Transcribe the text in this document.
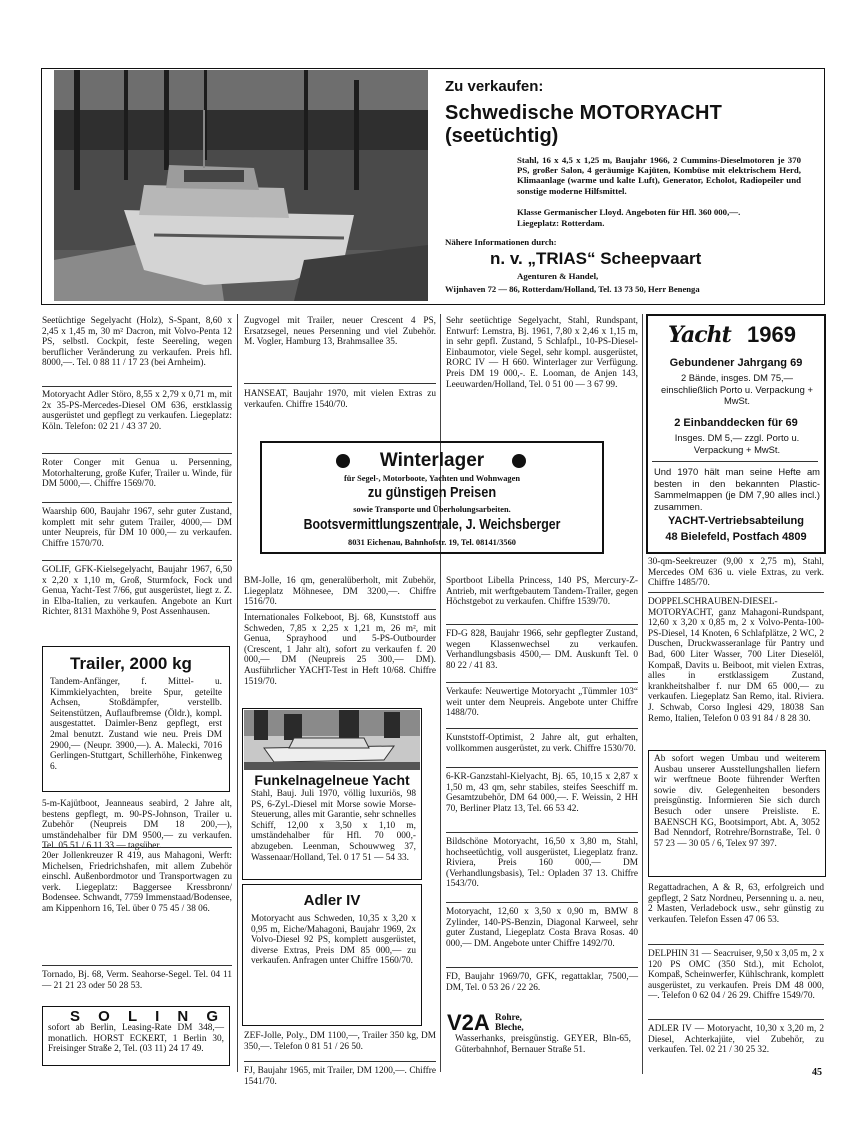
Zu verkaufen:
Schwedische MOTORYACHT
(seetüchtig)

Stahl, 16 x 4,5 x 1,25 m, Baujahr 1966, 2 Cummins-Dieselmotoren je 370 PS, großer Salon, 4 geräumige Kajüten, Kombüse mit elektrischem Herd, Klimaanlage (warme und kalte Luft), Generator, Echolot, Radiopeiler und sonstige moderne Hilfsmittel.

Klasse Germanischer Lloyd. Angeboten für Hfl. 360 000,—.

Liegeplatz: Rotterdam.

Nähere Informationen durch:
n. v. „TRIAS“ Scheepvaart
Agenturen & Handel,
Wijnhaven 72 — 86, Rotterdam/Holland, Tel. 13 73 50, Herr Benenga

Seetüchtige Segelyacht (Holz), S-Spant, 8,60 x 2,45 x 1,45 m, 30 m² Dacron, mit Volvo-Penta 12 PS, selbstl. Cockpit, feste Seereling, wegen beruflicher Veränderung zu verkaufen. Preis hfl. 8000,—. Tel. 0 88 11 / 17 23 (bei Arnheim).

Motoryacht Adler Störo, 8,55 x 2,79 x 0,71 m, mit 2x 35-PS-Mercedes-Diesel OM 636, erstklassig ausgerüstet und gepflegt zu verkaufen. Liegeplatz: Köln. Telefon: 02 21 / 43 37 20.

Roter Conger mit Genua u. Persenning, Motorhalterung, große Kufer, Trailer u. Winde, für DM 5000,—. Chiffre 1569/70.

Waarship 600, Baujahr 1967, sehr guter Zustand, komplett mit sehr gutem Trailer, 4000,— DM unter Neupreis, für DM 10 000,— zu verkaufen. Chiffre 1570/70.

GOLIF, GFK-Kielsegelyacht, Baujahr 1967, 6,50 x 2,20 x 1,10 m, Groß, Sturmfock, Fock und Genua, Yacht-Test 7/66, gut ausgerüstet, liegt z. Z. in Elba-Italien, zu verkaufen. Angebote an Kurt Richter, 8131 Maxhöhe 9, Post Assenhausen.

Trailer, 2000 kg

Tandem-Anfänger, f. Mittel- u. Kimmkielyachten, breite Spur, geteilte Achsen, Stoßdämpfer, verstellb. Seitenstützen, Auflaufbremse (Öldr.), kompl. ausgestattet. Daimler-Benz gepflegt, erst 2mal benutzt. Zustand wie neu. Preis DM 2900,— (Neupr. 3900,—). A. Malecki, 7016 Gerlingen-Stuttgart, Schillerhöhe, Finkenweg 6.

5-m-Kajütboot, Jeanneaus seabird, 2 Jahre alt, bestens gepflegt, m. 90-PS-Johnson, Trailer u. Zubehör (Neupreis DM 18 200,—), umständehalber für DM 9500,— zu verkaufen. Tel. 05 51 / 6 11 33 — tagsüber.

20er Jollenkreuzer R 419, aus Mahagoni, Werft: Michelsen, Friedrichshafen, mit allem Zubehör einschl. Außenbordmotor und Transportwagen zu verk. Liegeplatz: Baggersee Kressbronn/ Bodensee. Schwandt, 7759 Immenstaad/Bodensee, am Kippenhorn 16, Tel. über 0 75 45 / 38 06.

Tornado, Bj. 68, Verm. Seahorse-Segel. Tel. 04 11 — 21 21 23 oder 50 28 53.

S O L I N G

sofort ab Berlin, Leasing-Rate DM 348,— monatlich. HORST ECKERT, 1 Berlin 30, Freisinger Straße 2, Tel. (03 11) 24 17 49.

Zugvogel mit Trailer, neuer Crescent 4 PS, Ersatzsegel, neues Persenning und viel Zubehör. M. Vogler, Hamburg 13, Brahmsallee 35.

HANSEAT, Baujahr 1970, mit vielen Extras zu verkaufen. Chiffre 1540/70.

Sehr seetüchtige Segelyacht, Stahl, Rundspant, Entwurf: Lemstra, Bj. 1961, 7,80 x 2,46 x 1,15 m, in sehr gepfl. Zustand, 5 Schlafpl., 10-PS-Diesel-Einbaumotor, viele Segel, sehr kompl. ausgerüstet, RORC IV — H 660. Winterlager zur Verfügung. Preis DM 19 000,-. E. Looman, de Anjen 143, Leeuwarden/Holland, Tel. 0 51 00 — 3 67 99.

Winterlager
für Segel-, Motorboote, Yachten und Wohnwagen
zu günstigen Preisen
sowie Transporte und Überholungsarbeiten.
Bootsvermittlungszentrale, J. Weichsberger
8031 Eichenau, Bahnhofstr. 19, Tel. 08141/3560
Yacht 1969
Gebundener Jahrgang 69
2 Bände, insges. DM 75,— einschließlich Porto u. Verpackung + MwSt.
2 Einbanddecken für 69
Insges. DM 5,— zzgl. Porto u. Verpackung + MwSt.
Und 1970 hält man seine Hefte am besten in den bekannten Plastic-Sammelmappen (je DM 7,90 alles incl.) zusammen.
YACHT-Vertriebsabteilung
48 Bielefeld, Postfach 4809

BM-Jolle, 16 qm, generalüberholt, mit Zubehör, Liegeplatz Möhnesee, DM 3200,—. Chiffre 1516/70.

Internationales Folkeboot, Bj. 68, Kunststoff aus Schweden, 7,85 x 2,25 x 1,21 m, 26 m², mit Genua, Sprayhood und 5-PS-Outbourder (Crescent, 1 Jahr alt), sofort zu verkaufen f. 20 000,— DM (Neupreis 25 300,— DM). Ausführlicher YACHT-Test in Heft 10/68. Chiffre 1519/70.

Funkelnagelneue Yacht

Stahl, Bauj. Juli 1970, völlig luxuriös, 98 PS, 6-Zyl.-Diesel mit Morse sowie Morse-Steuerung, alles mit Garantie, sehr schnelles Schiff, 12,00 x 3,50 x 1,10 m, umständehalber für Hfl. 70 000,- abzugeben. Leenman, Schouwweg 37, Wassenaar/Holland, Tel. 0 17 51 — 54 33.

Adler IV

Motoryacht aus Schweden, 10,35 x 3,20 x 0,95 m, Eiche/Mahagoni, Baujahr 1969, 2x Volvo-Diesel 92 PS, komplett ausgerüstet, diverse Extras, Preis DM 85 000,— zu verkaufen. Anfragen unter Chiffre 1560/70.

ZEF-Jolle, Poly., DM 1100,—, Trailer 350 kg, DM 350,—. Telefon 0 81 51 / 26 50.

FJ, Baujahr 1965, mit Trailer, DM 1200,—. Chiffre 1541/70.

Sportboot Libella Princess, 140 PS, Mercury-Z-Antrieb, mit werftgebautem Tandem-Trailer, gegen Höchstgebot zu verkaufen. Chiffre 1539/70.

FD-G 828, Baujahr 1966, sehr gepflegter Zustand, wegen Klassenwechsel zu verkaufen. Verhandlungsbasis 4500,— DM. Auskunft Tel. 0 80 22 / 41 83.

Verkaufe: Neuwertige Motoryacht „Tümmler 103“ weit unter dem Neupreis. Angebote unter Chiffre 1488/70.

Kunststoff-Optimist, 2 Jahre alt, gut erhalten, vollkommen ausgerüstet, zu verk. Chiffre 1530/70.

6-KR-Ganzstahl-Kielyacht, Bj. 65, 10,15 x 2,87 x 1,50 m, 43 qm, sehr stabiles, steifes Seeschiff m. Gesamtzubehör, DM 64 000,—. F. Weissin, 2 HH 70, Berliner Platz 13, Tel. 66 53 42.

Bildschöne Motoryacht, 16,50 x 3,80 m, Stahl, hochseetüchtig, voll ausgerüstet, Liegeplatz franz. Riviera, Preis 160 000,— DM (Verhandlungsbasis), Tel.: Opladen 37 13. Chiffre 1543/70.

Motoryacht, 12,60 x 3,50 x 0,90 m, BMW 8 Zylinder, 140-PS-Benzin, Diagonal Karweel, sehr guter Zustand, Liegeplatz Costa Brava Rosas. 40 000,— DM. Angebote unter Chiffre 1492/70.

FD, Baujahr 1969/70, GFK, regattaklar, 7500,— DM, Tel. 0 53 26 / 22 26.

V2A Rohre,
Bleche,

Wasserhanks, preisgünstig. GEYER, Bln-65, Güterbahnhof, Bernauer Straße 51.

30-qm-Seekreuzer (9,00 x 2,75 m), Stahl, Mercedes OM 636 u. viele Extras, zu verk. Chiffre 1485/70.

DOPPELSCHRAUBEN-DIESEL-MOTORYACHT, ganz Mahagoni-Rundspant, 12,60 x 3,20 x 0,85 m, 2 x Volvo-Penta-100-PS-Diesel, 14 Knoten, 6 Schlafplätze, 2 WC, 2 Duschen, Druckwasseranlage für Pantry und Bad, 600 Liter Wasser, 700 Liter Dieselöl, Kompaß, Davits u. Beiboot, mit vielen Extras, alles in erstklassigem Zustand, krankheitshalber f. nur DM 65 000,— zu verkaufen. Liegeplatz San Remo, ital. Riviera. J. Schwab, Corso Inglesi 429, 18038 San Remo, Italien, Telefon 0 03 91 84 / 8 28 30.

Ab sofort wegen Umbau und weiterem Ausbau unserer Ausstellungshallen liefern wir werftneue Boote führender Werften sowie div. Gelegenheiten besonders preisgünstig. Informieren Sie sich durch Besuch oder unsere Preisliste. E. BAENSCH KG, Bootsimport, Abt. A, 3052 Bad Nenndorf, Rotrehre/Bornstraße, Tel. 0 57 23 — 30 05 / 6, Telex 97 397.

Regattadrachen, A & R, 63, erfolgreich und gepflegt, 2 Satz Nordneu, Persenning u. a. neu, 2 Masten, Verladebock usw., sehr günstig zu verkaufen. Telefon Essen 47 06 53.

DELPHIN 31 — Seacruiser, 9,50 x 3,05 m, 2 x 120 PS OMC (350 Std.), mit Echolot, Kompaß, Scheinwerfer, Kühlschrank, komplett ausgerüstet, zu verkaufen. Preis DM 48 000,—. Telefon 0 62 04 / 26 29. Chiffre 1549/70.

ADLER IV — Motoryacht, 10,30 x 3,20 m, 2 Diesel, Achterkajüte, viel Zubehör, zu verkaufen. Tel. 02 21 / 30 25 32.

45
